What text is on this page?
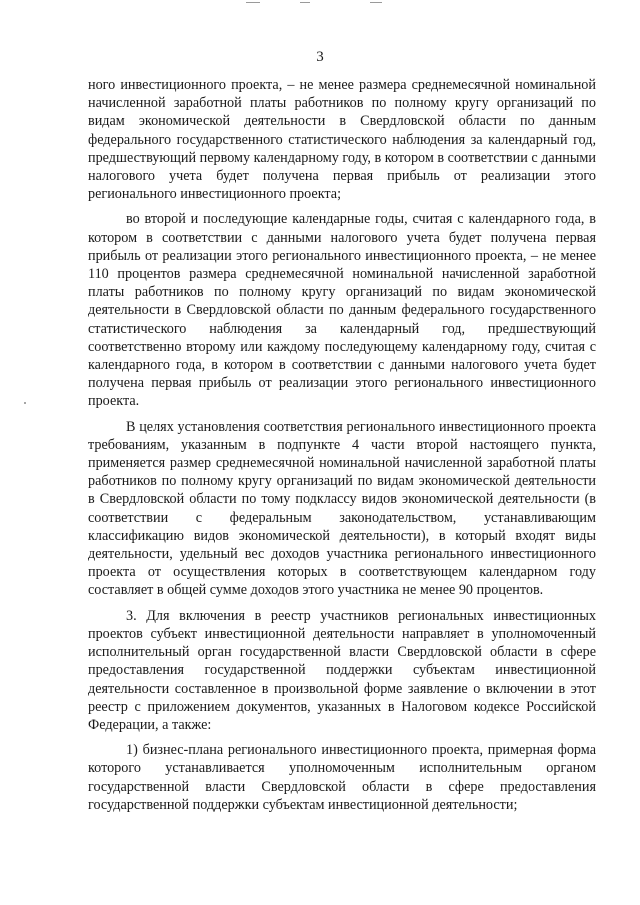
3

ного инвестиционного проекта, – не менее размера среднемесячной номинальной начисленной заработной платы работников по полному кругу организаций по видам экономической деятельности в Свердловской области по данным федерального государственного статистического наблюдения за календарный год, предшествующий первому календарному году, в котором в соответствии с данными налогового учета будет получена первая прибыль от реализации этого регионального инвестиционного проекта;

во второй и последующие календарные годы, считая с календарного года, в котором в соответствии с данными налогового учета будет получена первая прибыль от реализации этого регионального инвестиционного проекта, – не менее 110 процентов размера среднемесячной номинальной начисленной заработной платы работников по полному кругу организаций по видам экономической деятельности в Свердловской области по данным федерального государственного статистического наблюдения за календарный год, предшествующий соответственно второму или каждому последующему календарному году, считая с календарного года, в котором в соответствии с данными налогового учета будет получена первая прибыль от реализации этого регионального инвестиционного проекта.

В целях установления соответствия регионального инвестиционного проекта требованиям, указанным в подпункте 4 части второй настоящего пункта, применяется размер среднемесячной номинальной начисленной заработной платы работников по полному кругу организаций по видам экономической деятельности в Свердловской области по тому подклассу видов экономической деятельности (в соответствии с федеральным законодательством, устанавливающим классификацию видов экономической деятельности), в который входят виды деятельности, удельный вес доходов участника регионального инвестиционного проекта от осуществления которых в соответствующем календарном году составляет в общей сумме доходов этого участника не менее 90 процентов.

3. Для включения в реестр участников региональных инвестиционных проектов субъект инвестиционной деятельности направляет в уполномоченный исполнительный орган государственной власти Свердловской области в сфере предоставления государственной поддержки субъектам инвестиционной деятельности составленное в произвольной форме заявление о включении в этот реестр с приложением документов, указанных в Налоговом кодексе Российской Федерации, а также:

1) бизнес-плана регионального инвестиционного проекта, примерная форма которого устанавливается уполномоченным исполнительным органом государственной власти Свердловской области в сфере предоставления государственной поддержки субъектам инвестиционной деятельности;
